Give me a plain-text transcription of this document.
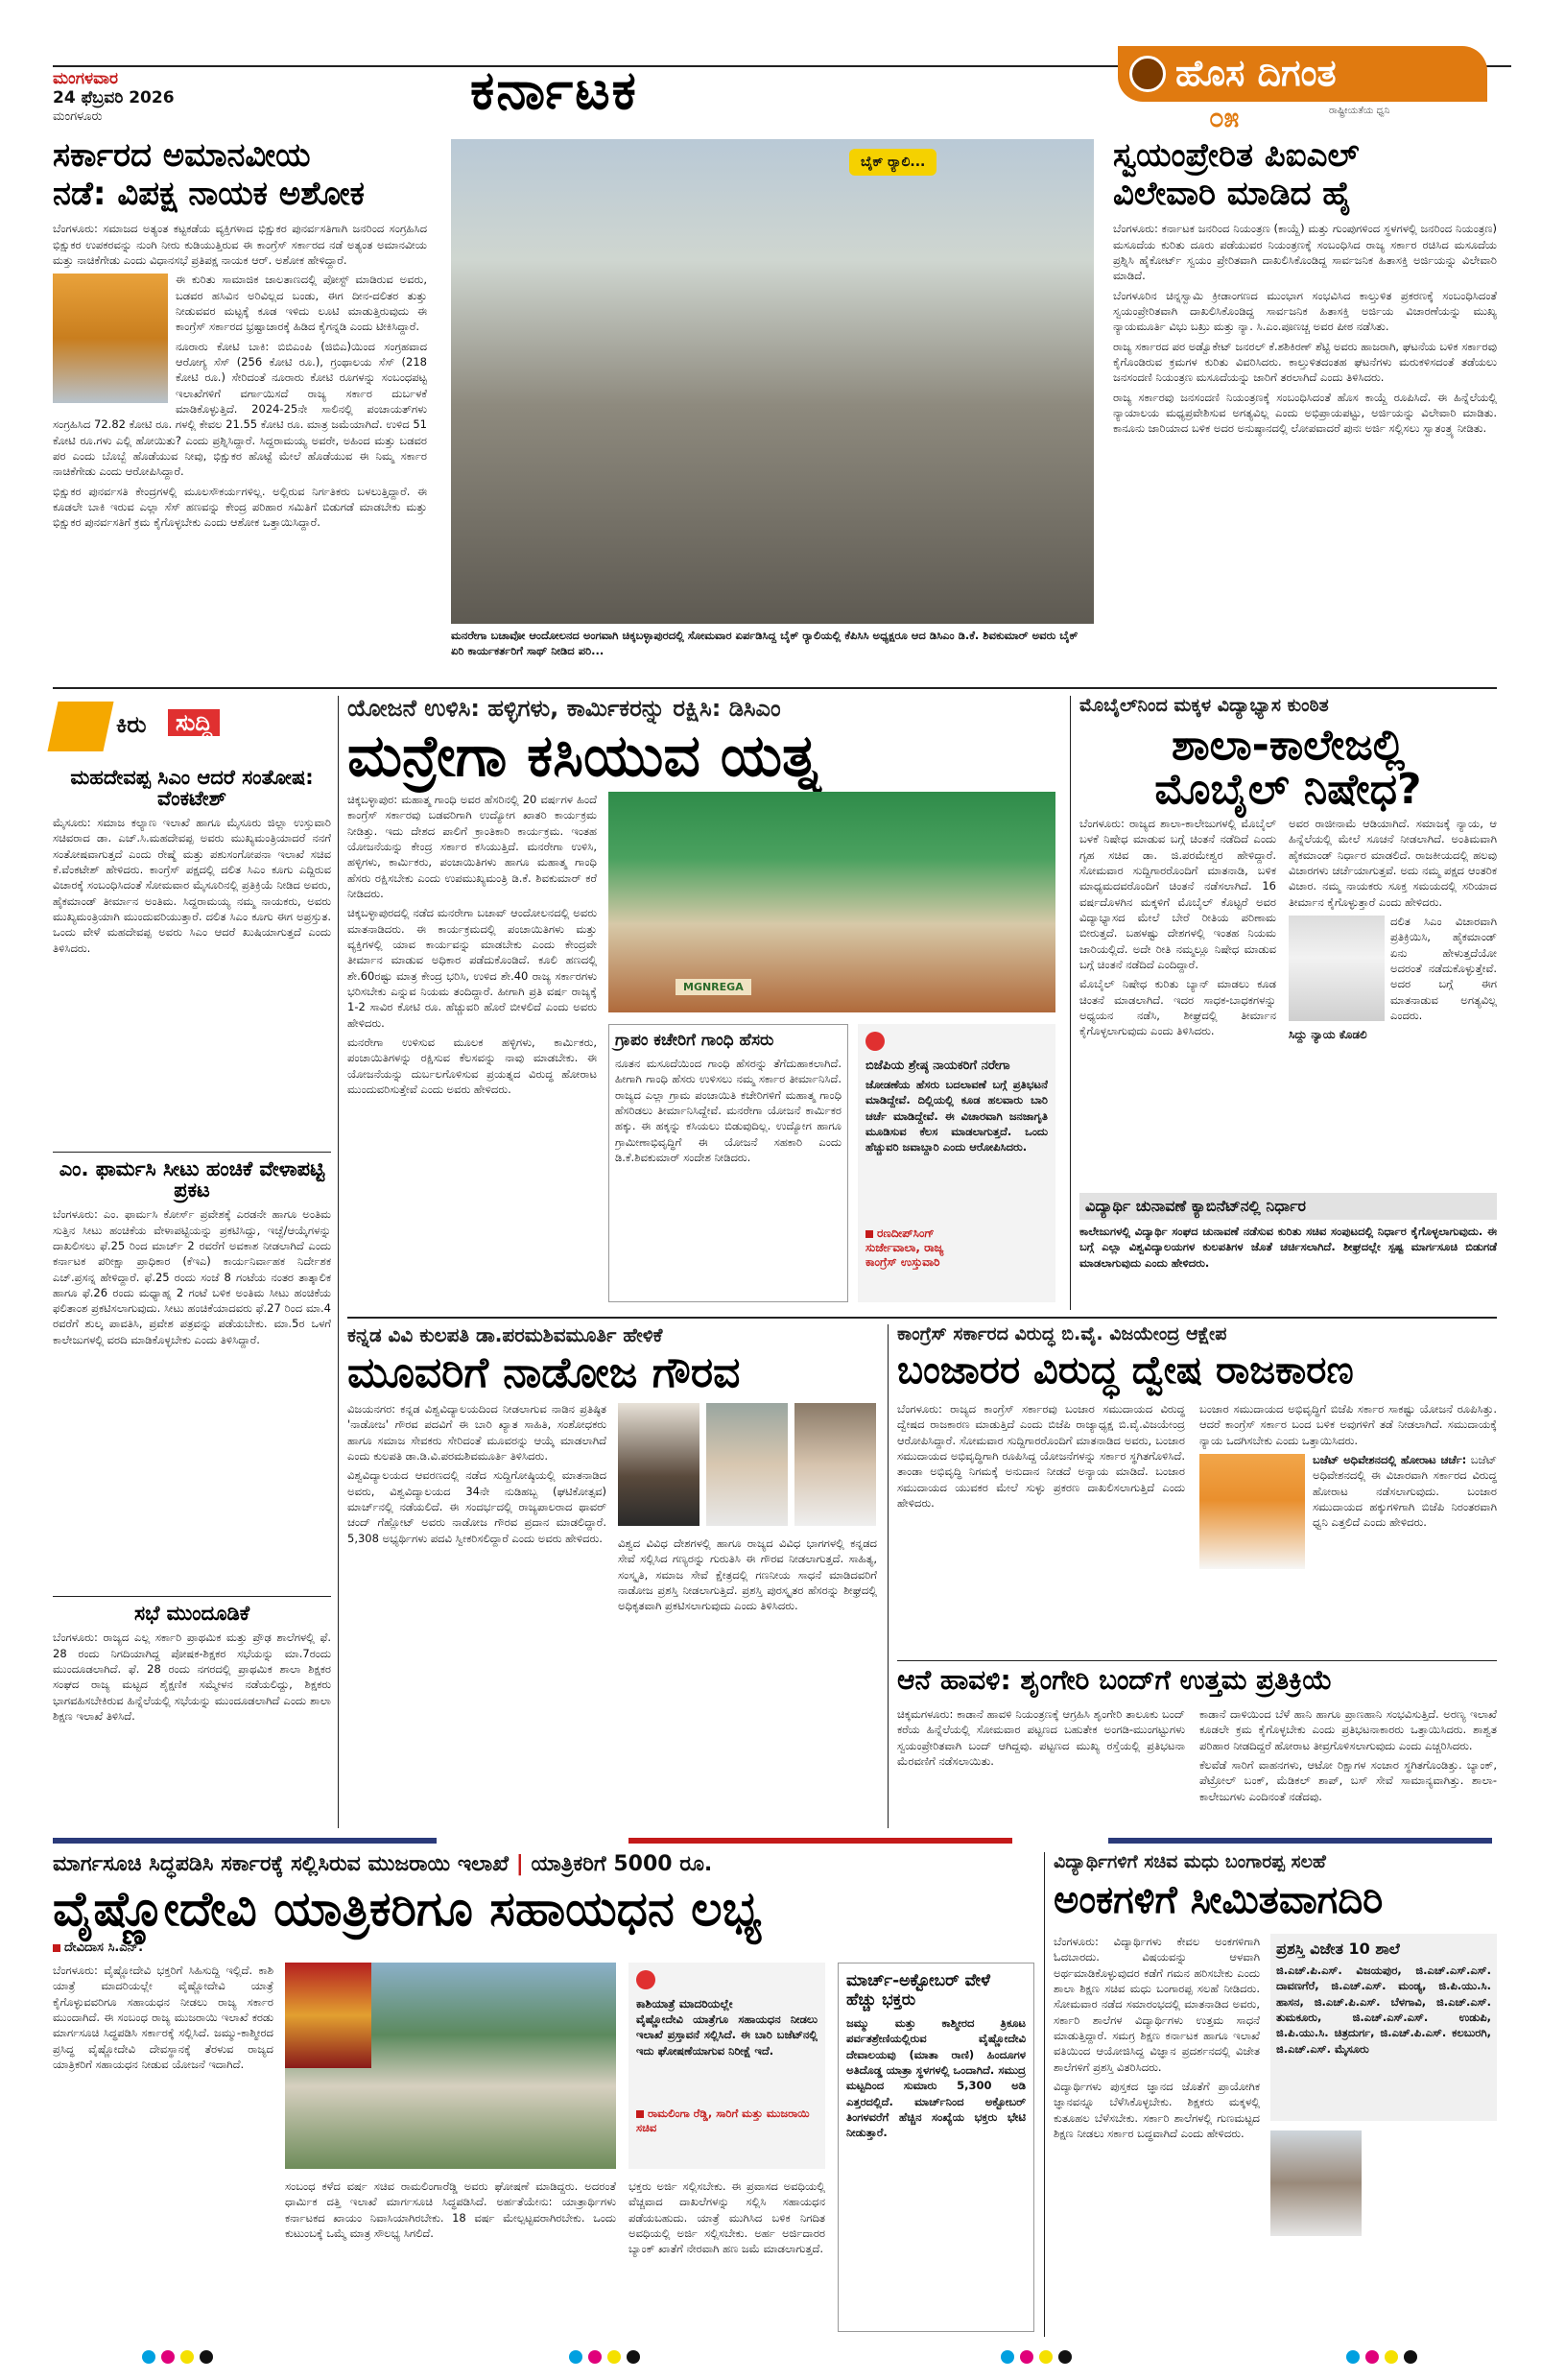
ಮಂಗಳವಾರ
24 ಫೆಬ್ರವರಿ 2026
ಮಂಗಳೂರು	ಕರ್ನಾಟಕ	ಹೊಸ ದಿಗಂತ
೦೫	ರಾಷ್ಟ್ರೀಯತೆಯ ಧ್ವನಿ
ಸರ್ಕಾರದ ಅಮಾನವೀಯ
ನಡೆ: ವಿಪಕ್ಷ ನಾಯಕ ಅಶೋಕ

ಬೆಂಗಳೂರು: ಸಮಾಜದ ಅತ್ಯಂತ ಕಟ್ಟಕಡೆಯ ವ್ಯಕ್ತಿಗಳಾದ ಭಿಕ್ಷುಕರ ಪುನರ್ವಸತಿಗಾಗಿ ಜನರಿಂದ ಸಂಗ್ರಹಿಸಿದ ಭಿಕ್ಷುಕರ ಉಪಕರವನ್ನು ನುಂಗಿ ನೀರು ಕುಡಿಯುತ್ತಿರುವ ಈ ಕಾಂಗ್ರೆಸ್ ಸರ್ಕಾರದ ನಡೆ ಅತ್ಯಂತ ಅಮಾನವೀಯ ಮತ್ತು ನಾಚಿಕೆಗೇಡು ಎಂದು ವಿಧಾನಸಭೆ ಪ್ರತಿಪಕ್ಷ ನಾಯಕ ಆರ್. ಅಶೋಕ ಹೇಳಿದ್ದಾರೆ.

ಈ ಕುರಿತು ಸಾಮಾಜಿಕ ಜಾಲತಾಣದಲ್ಲಿ ಪೋಸ್ಟ್ ಮಾಡಿರುವ ಅವರು, ಬಡವರ ಹಸಿವಿನ ಅರಿವಿಲ್ಲದ ಬಂಡು, ಈಗ ದೀನ-ದಲಿತರ ತುತ್ತು ನೀಡುವವರ ಮಟ್ಟಕ್ಕೆ ಕೂಡ ಇಳಿದು ಲೂಟಿ ಮಾಡುತ್ತಿರುವುದು ಈ ಕಾಂಗ್ರೆಸ್ ಸರ್ಕಾರದ ಭ್ರಷ್ಟಾಚಾರಕ್ಕೆ ಹಿಡಿದ ಕೈಗನ್ನಡಿ ಎಂದು ಟೀಕಿಸಿದ್ದಾರೆ.

ನೂರಾರು ಕೋಟಿ ಬಾಕಿ: ಬಿಬಿಎಂಪಿ (ಜಿಬಿಎ)ಯಿಂದ ಸಂಗ್ರಹವಾದ ಆರೋಗ್ಯ ಸೆಸ್ (256 ಕೋಟಿ ರೂ.), ಗ್ರಂಥಾಲಯ ಸೆಸ್ (218 ಕೋಟಿ ರೂ.) ಸೇರಿದಂತೆ ನೂರಾರು ಕೋಟಿ ರೂಗಳನ್ನು ಸಂಬಂಧಪಟ್ಟ ಇಲಾಖೆಗಳಿಗೆ ವರ್ಗಾಯಿಸದೆ ರಾಜ್ಯ ಸರ್ಕಾರ ದುರ್ಬಳಕೆ ಮಾಡಿಕೊಳ್ಳುತ್ತಿದೆ. 2024-25ನೇ ಸಾಲಿನಲ್ಲಿ ಪಂಚಾಯತ್‌ಗಳು ಸಂಗ್ರಹಿಸಿದ 72.82 ಕೋಟಿ ರೂ. ಗಳಲ್ಲಿ ಕೇವಲ 21.55 ಕೋಟಿ ರೂ. ಮಾತ್ರ ಜಮೆಯಾಗಿದೆ. ಉಳಿದ 51 ಕೋಟಿ ರೂ.ಗಳು ಎಲ್ಲಿ ಹೋಯಿತು? ಎಂದು ಪ್ರಶ್ನಿಸಿದ್ದಾರೆ. ಸಿದ್ದರಾಮಯ್ಯ ಅವರೇ, ಅಹಿಂದ ಮತ್ತು ಬಡವರ ಪರ ಎಂದು ಬೊಬ್ಬೆ ಹೊಡೆಯುವ ನೀವು, ಭಿಕ್ಷುಕರ ಹೊಟ್ಟೆ ಮೇಲೆ ಹೊಡೆಯುವ ಈ ನಿಮ್ಮ ಸರ್ಕಾರ ನಾಚಿಕೆಗೇಡು ಎಂದು ಆರೋಪಿಸಿದ್ದಾರೆ.

ಭಿಕ್ಷುಕರ ಪುನರ್ವಸತಿ ಕೇಂದ್ರಗಳಲ್ಲಿ ಮೂಲಸೌಕರ್ಯಗಳಿಲ್ಲ. ಅಲ್ಲಿರುವ ನಿರ್ಗತಿಕರು ಬಳಲುತ್ತಿದ್ದಾರೆ. ಈ ಕೂಡಲೇ ಬಾಕಿ ಇರುವ ಎಲ್ಲಾ ಸೆಸ್ ಹಣವನ್ನು ಕೇಂದ್ರ ಪರಿಹಾರ ಸಮಿತಿಗೆ ಬಿಡುಗಡೆ ಮಾಡಬೇಕು ಮತ್ತು ಭಿಕ್ಷುಕರ ಪುನರ್ವಸತಿಗೆ ಕ್ರಮ ಕೈಗೊಳ್ಳಬೇಕು ಎಂದು ಆಶೋಕ ಒತ್ತಾಯಿಸಿದ್ದಾರೆ.

ಬೈಕ್ ರ್‍ಯಾಲಿ...
ಮನರೇಗಾ ಬಚಾವೋ ಆಂದೋಲನದ ಅಂಗವಾಗಿ ಚಿಕ್ಕಬಳ್ಳಾಪುರದಲ್ಲಿ ಸೋಮವಾರ ಏರ್ಪಡಿಸಿದ್ದ ಬೈಕ್ ರ್‍ಯಾಲಿಯಲ್ಲಿ ಕೆಪಿಸಿಸಿ ಅಧ್ಯಕ್ಷರೂ ಆದ ಡಿಸಿಎಂ ಡಿ.ಕೆ. ಶಿವಕುಮಾರ್ ಅವರು ಬೈಕ್ ಏರಿ ಕಾರ್ಯಕರ್ತರಿಗೆ ಸಾಥ್ ನೀಡಿದ ಪರಿ...
ಸ್ವಯಂಪ್ರೇರಿತ ಪಿಐಎಲ್
ವಿಲೇವಾರಿ ಮಾಡಿದ ಹೈ

ಬೆಂಗಳೂರು: ಕರ್ನಾಟಕ ಜನರಿಂದ ನಿಯಂತ್ರಣ (ಕಾಯ್ದೆ) ಮತ್ತು ಗುಂಪುಗಳಿಂದ ಸ್ಥಳಗಳಲ್ಲಿ ಜನರಿಂದ ನಿಯಂತ್ರಣ) ಮಸೂದೆಯ ಕುರಿತು ದೂರು ಪಡೆಯುವರ ನಿಯಂತ್ರಣಕ್ಕೆ ಸಂಬಂಧಿಸಿದ ರಾಜ್ಯ ಸರ್ಕಾರ ರಚಿಸಿದ ಮಸೂದೆಯ ಪ್ರಶ್ನಿಸಿ ಹೈಕೋರ್ಟ್ ಸ್ವಯಂ ಪ್ರೇರಿತವಾಗಿ ದಾಖಲಿಸಿಕೊಂಡಿದ್ದ ಸಾರ್ವಜನಿಕ ಹಿತಾಸಕ್ತಿ ಅರ್ಜಿಯನ್ನು ವಿಲೇವಾರಿ ಮಾಡಿದೆ.

ಬೆಂಗಳೂರಿನ ಚಿನ್ನಸ್ವಾಮಿ ಕ್ರೀಡಾಂಗಣದ ಮುಂಭಾಗ ಸಂಭವಿಸಿದ ಕಾಲ್ತುಳಿತ ಪ್ರಕರಣಕ್ಕೆ ಸಂಬಂಧಿಸಿದಂತೆ ಸ್ವಯಂಪ್ರೇರಿತವಾಗಿ ದಾಖಲಿಸಿಕೊಂಡಿದ್ದ ಸಾರ್ವಜನಿಕ ಹಿತಾಸಕ್ತಿ ಅರ್ಜಿಯ ವಿಚಾರಣೆಯನ್ನು ಮುಖ್ಯ ನ್ಯಾಯಮೂರ್ತಿ ವಿಭು ಬಖ್ರು ಮತ್ತು ನ್ಯಾ. ಸಿ.ಎಂ.ಪೂಣಚ್ಚ ಅವರ ಪೀಠ ನಡೆಸಿತು.

ರಾಜ್ಯ ಸರ್ಕಾರದ ಪರ ಅಡ್ವೊಕೇಟ್ ಜನರಲ್ ಕೆ.ಶಶಿಕಿರಣ್ ಶೆಟ್ಟಿ ಅವರು ಹಾಜರಾಗಿ, ಘಟನೆಯ ಬಳಿಕ ಸರ್ಕಾರವು ಕೈಗೊಂಡಿರುವ ಕ್ರಮಗಳ ಕುರಿತು ವಿವರಿಸಿದರು. ಕಾಲ್ತುಳಿತದಂತಹ ಘಟನೆಗಳು ಮರುಕಳಿಸದಂತೆ ತಡೆಯಲು ಜನಸಂದಣಿ ನಿಯಂತ್ರಣ ಮಸೂದೆಯನ್ನು ಜಾರಿಗೆ ತರಲಾಗಿದೆ ಎಂದು ತಿಳಿಸಿದರು.

ರಾಜ್ಯ ಸರ್ಕಾರವು ಜನಸಂದಣಿ ನಿಯಂತ್ರಣಕ್ಕೆ ಸಂಬಂಧಿಸಿದಂತೆ ಹೊಸ ಕಾಯ್ದೆ ರೂಪಿಸಿದೆ. ಈ ಹಿನ್ನೆಲೆಯಲ್ಲಿ ನ್ಯಾಯಾಲಯ ಮಧ್ಯಪ್ರವೇಶಿಸುವ ಅಗತ್ಯವಿಲ್ಲ ಎಂದು ಅಭಿಪ್ರಾಯಪಟ್ಟು, ಅರ್ಜಿಯನ್ನು ವಿಲೇವಾರಿ ಮಾಡಿತು. ಕಾನೂನು ಜಾರಿಯಾದ ಬಳಿಕ ಅದರ ಅನುಷ್ಠಾನದಲ್ಲಿ ಲೋಪವಾದರೆ ಪುನಃ ಅರ್ಜಿ ಸಲ್ಲಿಸಲು ಸ್ವಾತಂತ್ರ್ಯ ನೀಡಿತು.

ಕಿರು	ಸುದ್ದಿ
ಮಹದೇವಪ್ಪ ಸಿಎಂ ಆದರೆ ಸಂತೋಷ: ವೆಂಕಟೇಶ್
ಮೈಸೂರು: ಸಮಾಜ ಕಲ್ಯಾಣ ಇಲಾಖೆ ಹಾಗೂ ಮೈಸೂರು ಜಿಲ್ಲಾ ಉಸ್ತುವಾರಿ ಸಚಿವರಾದ ಡಾ. ಎಚ್.ಸಿ.ಮಹದೇವಪ್ಪ ಅವರು ಮುಖ್ಯಮಂತ್ರಿಯಾದರೆ ನನಗೆ ಸಂತೋಷವಾಗುತ್ತದೆ ಎಂದು ರೇಷ್ಮೆ ಮತ್ತು ಪಶುಸಂಗೋಪನಾ ಇಲಾಖೆ ಸಚಿವ ಕೆ.ವೆಂಕಟೇಶ್ ಹೇಳಿದರು. ಕಾಂಗ್ರೆಸ್ ಪಕ್ಷದಲ್ಲಿ ದಲಿತ ಸಿಎಂ ಕೂಗು ಎದ್ದಿರುವ ವಿಚಾರಕ್ಕೆ ಸಂಬಂಧಿಸಿದಂತೆ ಸೋಮವಾರ ಮೈಸೂರಿನಲ್ಲಿ ಪ್ರತಿಕ್ರಿಯೆ ನೀಡಿದ ಅವರು, ಹೈಕಮಾಂಡ್ ತೀರ್ಮಾನ ಅಂತಿಮ. ಸಿದ್ದರಾಮಯ್ಯ ನಮ್ಮ ನಾಯಕರು, ಅವರು ಮುಖ್ಯಮಂತ್ರಿಯಾಗಿ ಮುಂದುವರಿಯುತ್ತಾರೆ. ದಲಿತ ಸಿಎಂ ಕೂಗು ಈಗ ಅಪ್ರಸ್ತುತ. ಒಂದು ವೇಳೆ ಮಹದೇವಪ್ಪ ಅವರು ಸಿಎಂ ಆದರೆ ಖುಷಿಯಾಗುತ್ತದೆ ಎಂದು ತಿಳಿಸಿದರು.
ಎಂ. ಫಾರ್ಮಸಿ ಸೀಟು ಹಂಚಿಕೆ ವೇಳಾಪಟ್ಟಿ ಪ್ರಕಟ
ಬೆಂಗಳೂರು: ಎಂ. ಫಾರ್ಮಸಿ ಕೋರ್ಸ್ ಪ್ರವೇಶಕ್ಕೆ ಎರಡನೇ ಹಾಗೂ ಅಂತಿಮ ಸುತ್ತಿನ ಸೀಟು ಹಂಚಿಕೆಯ ವೇಳಾಪಟ್ಟಿಯನ್ನು ಪ್ರಕಟಿಸಿದ್ದು, ಇಚ್ಛೆ/ಆಯ್ಕೆಗಳನ್ನು ದಾಖಲಿಸಲು ಫೆ.25 ರಿಂದ ಮಾರ್ಚ್ 2 ರವರೆಗೆ ಅವಕಾಶ ನೀಡಲಾಗಿದೆ ಎಂದು ಕರ್ನಾಟಕ ಪರೀಕ್ಷಾ ಪ್ರಾಧಿಕಾರ (ಕೆಇಎ) ಕಾರ್ಯನಿರ್ವಾಹಕ ನಿರ್ದೇಶಕ ಎಚ್.ಪ್ರಸನ್ನ ಹೇಳಿದ್ದಾರೆ. ಫೆ.25 ರಂದು ಸಂಜೆ 8 ಗಂಟೆಯ ನಂತರ ತಾತ್ಕಾಲಿಕ ಹಾಗೂ ಫೆ.26 ರಂದು ಮಧ್ಯಾಹ್ನ 2 ಗಂಟೆ ಬಳಿಕ ಅಂತಿಮ ಸೀಟು ಹಂಚಿಕೆಯ ಫಲಿತಾಂಶ ಪ್ರಕಟಿಸಲಾಗುವುದು. ಸೀಟು ಹಂಚಿಕೆಯಾದವರು ಫೆ.27 ರಿಂದ ಮಾ.4 ರವರೆಗೆ ಶುಲ್ಕ ಪಾವತಿಸಿ, ಪ್ರವೇಶ ಪತ್ರವನ್ನು ಪಡೆಯಬೇಕು. ಮಾ.5ರ ಒಳಗೆ ಕಾಲೇಜುಗಳಲ್ಲಿ ವರದಿ ಮಾಡಿಕೊಳ್ಳಬೇಕು ಎಂದು ತಿಳಿಸಿದ್ದಾರೆ.
ಸಭೆ ಮುಂದೂಡಿಕೆ
ಬೆಂಗಳೂರು: ರಾಜ್ಯದ ಎಲ್ಲ ಸರ್ಕಾರಿ ಪ್ರಾಥಮಿಕ ಮತ್ತು ಪ್ರೌಢ ಶಾಲೆಗಳಲ್ಲಿ ಫೆ. 28 ರಂದು ನಿಗದಿಯಾಗಿದ್ದ ಪೋಷಕ-ಶಿಕ್ಷಕರ ಸಭೆಯನ್ನು ಮಾ.7ರಂದು ಮುಂದೂಡಲಾಗಿದೆ. ಫೆ. 28 ರಂದು ನಗರದಲ್ಲಿ ಪ್ರಾಥಮಿಕ ಶಾಲಾ ಶಿಕ್ಷಕರ ಸಂಘದ ರಾಜ್ಯ ಮಟ್ಟದ ಶೈಕ್ಷಣಿಕ ಸಮ್ಮೇಳನ ನಡೆಯಲಿದ್ದು, ಶಿಕ್ಷಕರು ಭಾಗವಹಿಸಬೇಕಿರುವ ಹಿನ್ನೆಲೆಯಲ್ಲಿ ಸಭೆಯನ್ನು ಮುಂದೂಡಲಾಗಿದೆ ಎಂದು ಶಾಲಾ ಶಿಕ್ಷಣ ಇಲಾಖೆ ತಿಳಿಸಿದೆ.
ಯೋಜನೆ ಉಳಿಸಿ: ಹಳ್ಳಿಗಳು, ಕಾರ್ಮಿಕರನ್ನು ರಕ್ಷಿಸಿ: ಡಿಸಿಎಂ
ಮನ್ರೇಗಾ ಕಸಿಯುವ ಯತ್ನ

ಚಿಕ್ಕಬಳ್ಳಾಪುರ: ಮಹಾತ್ಮ ಗಾಂಧಿ ಅವರ ಹೆಸರಿನಲ್ಲಿ 20 ವರ್ಷಗಳ ಹಿಂದೆ ಕಾಂಗ್ರೆಸ್ ಸರ್ಕಾರವು ಬಡವರಿಗಾಗಿ ಉದ್ಯೋಗ ಖಾತರಿ ಕಾರ್ಯಕ್ರಮ ನೀಡಿತ್ತು. ಇದು ದೇಶದ ಪಾಲಿಗೆ ಕ್ರಾಂತಿಕಾರಿ ಕಾರ್ಯಕ್ರಮ. ಇಂತಹ ಯೋಜನೆಯನ್ನು ಕೇಂದ್ರ ಸರ್ಕಾರ ಕಸಿಯುತ್ತಿದೆ. ಮನರೇಗಾ ಉಳಿಸಿ, ಹಳ್ಳಿಗಳು, ಕಾರ್ಮಿಕರು, ಪಂಚಾಯಿತಿಗಳು ಹಾಗೂ ಮಹಾತ್ಮ ಗಾಂಧಿ ಹೆಸರು ರಕ್ಷಿಸಬೇಕು ಎಂದು ಉಪಮುಖ್ಯಮಂತ್ರಿ ಡಿ.ಕೆ. ಶಿವಕುಮಾರ್ ಕರೆ ನೀಡಿದರು.

ಚಿಕ್ಕಬಳ್ಳಾಪುರದಲ್ಲಿ ನಡೆದ ಮನರೇಗಾ ಬಚಾವ್ ಆಂದೋಲನದಲ್ಲಿ ಅವರು ಮಾತನಾಡಿದರು. ಈ ಕಾರ್ಯಕ್ರಮದಲ್ಲಿ ಪಂಚಾಯಿತಿಗಳು ಮತ್ತು ವ್ಯಕ್ತಿಗಳಲ್ಲಿ ಯಾವ ಕಾರ್ಯವನ್ನು ಮಾಡಬೇಕು ಎಂದು ಕೇಂದ್ರವೇ ತೀರ್ಮಾನ ಮಾಡುವ ಅಧಿಕಾರ ಪಡೆದುಕೊಂಡಿದೆ. ಕೂಲಿ ಹಣದಲ್ಲಿ ಶೇ.60ರಷ್ಟು ಮಾತ್ರ ಕೇಂದ್ರ ಭರಿಸಿ, ಉಳಿದ ಶೇ.40 ರಾಜ್ಯ ಸರ್ಕಾರಗಳು ಭರಿಸಬೇಕು ಎನ್ನುವ ನಿಯಮ ತಂದಿದ್ದಾರೆ. ಹೀಗಾಗಿ ಪ್ರತಿ ವರ್ಷ ರಾಜ್ಯಕ್ಕೆ 1-2 ಸಾವಿರ ಕೋಟಿ ರೂ. ಹೆಚ್ಚುವರಿ ಹೊರೆ ಬೀಳಲಿದೆ ಎಂದು ಅವರು ಹೇಳಿದರು.

ಮನರೇಗಾ ಉಳಿಸುವ ಮೂಲಕ ಹಳ್ಳಿಗಳು, ಕಾರ್ಮಿಕರು, ಪಂಚಾಯಿತಿಗಳನ್ನು ರಕ್ಷಿಸುವ ಕೆಲಸವನ್ನು ನಾವು ಮಾಡಬೇಕು. ಈ ಯೋಜನೆಯನ್ನು ದುರ್ಬಲಗೊಳಿಸುವ ಪ್ರಯತ್ನದ ವಿರುದ್ಧ ಹೋರಾಟ ಮುಂದುವರಿಸುತ್ತೇವೆ ಎಂದು ಅವರು ಹೇಳಿದರು.

MGNREGA
ಗ್ರಾಪಂ ಕಚೇರಿಗೆ ಗಾಂಧಿ ಹೆಸರು
ನೂತನ ಮಸೂದೆಯಿಂದ ಗಾಂಧಿ ಹೆಸರನ್ನು ತೆಗೆದುಹಾಕಲಾಗಿದೆ. ಹೀಗಾಗಿ ಗಾಂಧಿ ಹೆಸರು ಉಳಿಸಲು ನಮ್ಮ ಸರ್ಕಾರ ತೀರ್ಮಾನಿಸಿದೆ. ರಾಜ್ಯದ ಎಲ್ಲಾ ಗ್ರಾಮ ಪಂಚಾಯಿತಿ ಕಚೇರಿಗಳಿಗೆ ಮಹಾತ್ಮ ಗಾಂಧಿ ಹೆಸರಿಡಲು ತೀರ್ಮಾನಿಸಿದ್ದೇವೆ. ಮನರೇಗಾ ಯೋಜನೆ ಕಾರ್ಮಿಕರ ಹಕ್ಕು. ಈ ಹಕ್ಕನ್ನು ಕಸಿಯಲು ಬಿಡುವುದಿಲ್ಲ. ಉದ್ಯೋಗ ಹಾಗೂ ಗ್ರಾಮೀಣಾಭಿವೃದ್ಧಿಗೆ ಈ ಯೋಜನೆ ಸಹಕಾರಿ ಎಂದು ಡಿ.ಕೆ.ಶಿವಕುಮಾರ್ ಸಂದೇಶ ನೀಡಿದರು.
ಬಿಜೆಪಿಯ ಶ್ರೇಷ್ಠ ನಾಯಕರಿಗೆ ನರೇಗಾ
ಜೋಡಣೆಯ ಹೆಸರು ಬದಲಾವಣೆ ಬಗ್ಗೆ ಪ್ರತಿಭಟನೆ ಮಾಡಿದ್ದೇವೆ. ದಿಲ್ಲಿಯಲ್ಲಿ ಕೂಡ ಹಲವಾರು ಬಾರಿ ಚರ್ಚೆ ಮಾಡಿದ್ದೇವೆ. ಈ ವಿಚಾರವಾಗಿ ಜನಜಾಗೃತಿ ಮೂಡಿಸುವ ಕೆಲಸ ಮಾಡಲಾಗುತ್ತದೆ. ಒಂದು ಹೆಚ್ಚುವರಿ ಜವಾಬ್ದಾರಿ ಎಂದು ಆರೋಪಿಸಿದರು.
ರಣದೀಪ್‌ಸಿಂಗ್
ಸುರ್ಜೇವಾಲಾ, ರಾಜ್ಯ
ಕಾಂಗ್ರೆಸ್ ಉಸ್ತುವಾರಿ
ಮೊಬೈಲ್‌ನಿಂದ ಮಕ್ಕಳ ವಿದ್ಯಾಭ್ಯಾಸ ಕುಂಠಿತ
ಶಾಲಾ-ಕಾಲೇಜಲ್ಲಿ
ಮೊಬೈಲ್ ನಿಷೇಧ?

ಬೆಂಗಳೂರು: ರಾಜ್ಯದ ಶಾಲಾ-ಕಾಲೇಜುಗಳಲ್ಲಿ ಮೊಬೈಲ್ ಬಳಕೆ ನಿಷೇಧ ಮಾಡುವ ಬಗ್ಗೆ ಚಿಂತನೆ ನಡೆದಿದೆ ಎಂದು ಗೃಹ ಸಚಿವ ಡಾ. ಜಿ.ಪರಮೇಶ್ವರ ಹೇಳಿದ್ದಾರೆ. ಸೋಮವಾರ ಸುದ್ದಿಗಾರರೊಂದಿಗೆ ಮಾತನಾಡಿ, ಬಳಿಕ ಮಾಧ್ಯಮದವರೊಂದಿಗೆ ಚಿಂತನೆ ನಡೆಸಲಾಗಿದೆ. 16 ವರ್ಷದೊಳಗಿನ ಮಕ್ಕಳಿಗೆ ಮೊಬೈಲ್ ಕೊಟ್ಟರೆ ಅವರ ವಿದ್ಯಾಭ್ಯಾಸದ ಮೇಲೆ ಬೇರೆ ರೀತಿಯ ಪರಿಣಾಮ ಬೀರುತ್ತದೆ. ಬಹಳಷ್ಟು ದೇಶಗಳಲ್ಲಿ ಇಂತಹ ನಿಯಮ ಜಾರಿಯಲ್ಲಿದೆ. ಅದೇ ರೀತಿ ನಮ್ಮಲ್ಲೂ ನಿಷೇಧ ಮಾಡುವ ಬಗ್ಗೆ ಚಿಂತನೆ ನಡೆದಿದೆ ಎಂದಿದ್ದಾರೆ.

ಮೊಬೈಲ್ ನಿಷೇಧ ಕುರಿತು ಬ್ಯಾನ್ ಮಾಡಲು ಕೂಡ ಚಿಂತನೆ ಮಾಡಲಾಗಿದೆ. ಇದರ ಸಾಧಕ-ಬಾಧಕಗಳನ್ನು ಅಧ್ಯಯನ ನಡೆಸಿ, ಶೀಘ್ರದಲ್ಲಿ ತೀರ್ಮಾನ ಕೈಗೊಳ್ಳಲಾಗುವುದು ಎಂದು ತಿಳಿಸಿದರು.

ಅವರ ರಾಜೀನಾಮೆ ಆಡಿಯಾಗಿದೆ. ಸಮಾಜಕ್ಕೆ ನ್ಯಾಯ, ಆ ಹಿನ್ನೆಲೆಯಲ್ಲಿ ಮೇಲೆ ಸೂಚನೆ ನೀಡಲಾಗಿದೆ. ಅಂತಿಮವಾಗಿ ಹೈಕಮಾಂಡ್ ನಿರ್ಧಾರ ಮಾಡಲಿದೆ. ರಾಜಕೀಯದಲ್ಲಿ ಹಲವು ವಿಚಾರಗಳು ಚರ್ಚೆಯಾಗುತ್ತವೆ. ಅದು ನಮ್ಮ ಪಕ್ಷದ ಆಂತರಿಕ ವಿಚಾರ. ನಮ್ಮ ನಾಯಕರು ಸೂಕ್ತ ಸಮಯದಲ್ಲಿ ಸರಿಯಾದ ತೀರ್ಮಾನ ಕೈಗೊಳ್ಳುತ್ತಾರೆ ಎಂದು ಹೇಳಿದರು.

ದಲಿತ ಸಿಎಂ ವಿಚಾರವಾಗಿ ಪ್ರತಿಕ್ರಿಯಿಸಿ, ಹೈಕಮಾಂಡ್ ಏನು ಹೇಳುತ್ತದೆಯೋ ಅದರಂತೆ ನಡೆದುಕೊಳ್ಳುತ್ತೇವೆ. ಅದರ ಬಗ್ಗೆ ಈಗ ಮಾತನಾಡುವ ಅಗತ್ಯವಿಲ್ಲ ಎಂದರು.

ಸಿದ್ದು ನ್ಯಾಯ ಕೊಡಲಿ
ವಿದ್ಯಾರ್ಥಿ ಚುನಾವಣೆ ಕ್ಯಾಬಿನೆಟ್‌ನಲ್ಲಿ ನಿರ್ಧಾರ
ಕಾಲೇಜುಗಳಲ್ಲಿ ವಿದ್ಯಾರ್ಥಿ ಸಂಘದ ಚುನಾವಣೆ ನಡೆಸುವ ಕುರಿತು ಸಚಿವ ಸಂಪುಟದಲ್ಲಿ ನಿರ್ಧಾರ ಕೈಗೊಳ್ಳಲಾಗುವುದು. ಈ ಬಗ್ಗೆ ಎಲ್ಲಾ ವಿಶ್ವವಿದ್ಯಾಲಯಗಳ ಕುಲಪತಿಗಳ ಜೊತೆ ಚರ್ಚಿಸಲಾಗಿದೆ. ಶೀಘ್ರದಲ್ಲೇ ಸ್ಪಷ್ಟ ಮಾರ್ಗಸೂಚಿ ಬಿಡುಗಡೆ ಮಾಡಲಾಗುವುದು ಎಂದು ಹೇಳಿದರು.
ಕನ್ನಡ ವಿವಿ ಕುಲಪತಿ ಡಾ.ಪರಮಶಿವಮೂರ್ತಿ ಹೇಳಿಕೆ
ಮೂವರಿಗೆ ನಾಡೋಜ ಗೌರವ

ವಿಜಯನಗರ: ಕನ್ನಡ ವಿಶ್ವವಿದ್ಯಾಲಯದಿಂದ ನೀಡಲಾಗುವ ನಾಡಿನ ಪ್ರತಿಷ್ಠಿತ 'ನಾಡೋಜ' ಗೌರವ ಪದವಿಗೆ ಈ ಬಾರಿ ಖ್ಯಾತ ಸಾಹಿತಿ, ಸಂಶೋಧಕರು ಹಾಗೂ ಸಮಾಜ ಸೇವಕರು ಸೇರಿದಂತೆ ಮೂವರನ್ನು ಆಯ್ಕೆ ಮಾಡಲಾಗಿದೆ ಎಂದು ಕುಲಪತಿ ಡಾ.ಡಿ.ವಿ.ಪರಮಶಿವಮೂರ್ತಿ ತಿಳಿಸಿದರು.

ವಿಶ್ವವಿದ್ಯಾಲಯದ ಆವರಣದಲ್ಲಿ ನಡೆದ ಸುದ್ದಿಗೋಷ್ಠಿಯಲ್ಲಿ ಮಾತನಾಡಿದ ಅವರು, ವಿಶ್ವವಿದ್ಯಾಲಯದ 34ನೇ ನುಡಿಹಬ್ಬ (ಘಟಿಕೋತ್ಸವ) ಮಾರ್ಚ್‌ನಲ್ಲಿ ನಡೆಯಲಿದೆ. ಈ ಸಂದರ್ಭದಲ್ಲಿ ರಾಜ್ಯಪಾಲರಾದ ಥಾವರ್ ಚಂದ್ ಗೆಹ್ಲೋಟ್ ಅವರು ನಾಡೋಜ ಗೌರವ ಪ್ರದಾನ ಮಾಡಲಿದ್ದಾರೆ. 5,308 ಅಭ್ಯರ್ಥಿಗಳು ಪದವಿ ಸ್ವೀಕರಿಸಲಿದ್ದಾರೆ ಎಂದು ಅವರು ಹೇಳಿದರು.	ವಿಶ್ವದ ವಿವಿಧ ದೇಶಗಳಲ್ಲಿ ಹಾಗೂ ರಾಜ್ಯದ ವಿವಿಧ ಭಾಗಗಳಲ್ಲಿ ಕನ್ನಡದ ಸೇವೆ ಸಲ್ಲಿಸಿದ ಗಣ್ಯರನ್ನು ಗುರುತಿಸಿ ಈ ಗೌರವ ನೀಡಲಾಗುತ್ತದೆ. ಸಾಹಿತ್ಯ, ಸಂಸ್ಕೃತಿ, ಸಮಾಜ ಸೇವೆ ಕ್ಷೇತ್ರದಲ್ಲಿ ಗಣನೀಯ ಸಾಧನೆ ಮಾಡಿದವರಿಗೆ ನಾಡೋಜ ಪ್ರಶಸ್ತಿ ನೀಡಲಾಗುತ್ತಿದೆ. ಪ್ರಶಸ್ತಿ ಪುರಸ್ಕೃತರ ಹೆಸರನ್ನು ಶೀಘ್ರದಲ್ಲಿ ಅಧಿಕೃತವಾಗಿ ಪ್ರಕಟಿಸಲಾಗುವುದು ಎಂದು ತಿಳಿಸಿದರು.
ಕಾಂಗ್ರೆಸ್ ಸರ್ಕಾರದ ವಿರುದ್ಧ ಬಿ.ವೈ. ವಿಜಯೇಂದ್ರ ಆಕ್ಷೇಪ
ಬಂಜಾರರ ವಿರುದ್ಧ ದ್ವೇಷ ರಾಜಕಾರಣ
ಬೆಂಗಳೂರು: ರಾಜ್ಯದ ಕಾಂಗ್ರೆಸ್ ಸರ್ಕಾರವು ಬಂಜಾರ ಸಮುದಾಯದ ವಿರುದ್ಧ ದ್ವೇಷದ ರಾಜಕಾರಣ ಮಾಡುತ್ತಿದೆ ಎಂದು ಬಿಜೆಪಿ ರಾಜ್ಯಾಧ್ಯಕ್ಷ ಬಿ.ವೈ.ವಿಜಯೇಂದ್ರ ಆರೋಪಿಸಿದ್ದಾರೆ. ಸೋಮವಾರ ಸುದ್ದಿಗಾರರೊಂದಿಗೆ ಮಾತನಾಡಿದ ಅವರು, ಬಂಜಾರ ಸಮುದಾಯದ ಅಭಿವೃದ್ಧಿಗಾಗಿ ರೂಪಿಸಿದ್ದ ಯೋಜನೆಗಳನ್ನು ಸರ್ಕಾರ ಸ್ಥಗಿತಗೊಳಿಸಿದೆ. ತಾಂಡಾ ಅಭಿವೃದ್ಧಿ ನಿಗಮಕ್ಕೆ ಅನುದಾನ ನೀಡದೆ ಅನ್ಯಾಯ ಮಾಡಿದೆ. ಬಂಜಾರ ಸಮುದಾಯದ ಯುವಕರ ಮೇಲೆ ಸುಳ್ಳು ಪ್ರಕರಣ ದಾಖಲಿಸಲಾಗುತ್ತಿದೆ ಎಂದು ಹೇಳಿದರು.

ಬಂಜಾರ ಸಮುದಾಯದ ಅಭಿವೃದ್ಧಿಗೆ ಬಿಜೆಪಿ ಸರ್ಕಾರ ಸಾಕಷ್ಟು ಯೋಜನೆ ರೂಪಿಸಿತ್ತು. ಆದರೆ ಕಾಂಗ್ರೆಸ್ ಸರ್ಕಾರ ಬಂದ ಬಳಿಕ ಅವುಗಳಿಗೆ ತಡೆ ನೀಡಲಾಗಿದೆ. ಸಮುದಾಯಕ್ಕೆ ನ್ಯಾಯ ಒದಗಿಸಬೇಕು ಎಂದು ಒತ್ತಾಯಿಸಿದರು.

ಬಜೆಟ್ ಅಧಿವೇಶನದಲ್ಲಿ ಹೋರಾಟ ಚರ್ಚೆ: ಬಜೆಟ್ ಅಧಿವೇಶನದಲ್ಲಿ ಈ ವಿಚಾರವಾಗಿ ಸರ್ಕಾರದ ವಿರುದ್ಧ ಹೋರಾಟ ನಡೆಸಲಾಗುವುದು. ಬಂಜಾರ ಸಮುದಾಯದ ಹಕ್ಕುಗಳಿಗಾಗಿ ಬಿಜೆಪಿ ನಿರಂತರವಾಗಿ ಧ್ವನಿ ಎತ್ತಲಿದೆ ಎಂದು ಹೇಳಿದರು.

ಆನೆ ಹಾವಳಿ: ಶೃಂಗೇರಿ ಬಂದ್‌ಗೆ ಉತ್ತಮ ಪ್ರತಿಕ್ರಿಯೆ
ಚಿಕ್ಕಮಗಳೂರು: ಕಾಡಾನೆ ಹಾವಳಿ ನಿಯಂತ್ರಣಕ್ಕೆ ಆಗ್ರಹಿಸಿ ಶೃಂಗೇರಿ ತಾಲೂಕು ಬಂದ್ ಕರೆಯ ಹಿನ್ನೆಲೆಯಲ್ಲಿ ಸೋಮವಾರ ಪಟ್ಟಣದ ಬಹುತೇಕ ಅಂಗಡಿ-ಮುಂಗಟ್ಟುಗಳು ಸ್ವಯಂಪ್ರೇರಿತವಾಗಿ ಬಂದ್ ಆಗಿದ್ದವು. ಪಟ್ಟಣದ ಮುಖ್ಯ ರಸ್ತೆಯಲ್ಲಿ ಪ್ರತಿಭಟನಾ ಮೆರವಣಿಗೆ ನಡೆಸಲಾಯಿತು.

ಕಾಡಾನೆ ದಾಳಿಯಿಂದ ಬೆಳೆ ಹಾನಿ ಹಾಗೂ ಪ್ರಾಣಹಾನಿ ಸಂಭವಿಸುತ್ತಿದೆ. ಅರಣ್ಯ ಇಲಾಖೆ ಕೂಡಲೇ ಕ್ರಮ ಕೈಗೊಳ್ಳಬೇಕು ಎಂದು ಪ್ರತಿಭಟನಾಕಾರರು ಒತ್ತಾಯಿಸಿದರು. ಶಾಶ್ವತ ಪರಿಹಾರ ನೀಡದಿದ್ದರೆ ಹೋರಾಟ ತೀವ್ರಗೊಳಿಸಲಾಗುವುದು ಎಂದು ಎಚ್ಚರಿಸಿದರು.

ಕೆಲವೆಡೆ ಸಾರಿಗೆ ವಾಹನಗಳು, ಆಟೋ ರಿಕ್ಷಾಗಳ ಸಂಚಾರ ಸ್ಥಗಿತಗೊಂಡಿತ್ತು. ಬ್ಯಾಂಕ್, ಪೆಟ್ರೋಲ್ ಬಂಕ್, ಮೆಡಿಕಲ್ ಶಾಪ್, ಬಸ್ ಸೇವೆ ಸಾಮಾನ್ಯವಾಗಿತ್ತು. ಶಾಲಾ-ಕಾಲೇಜುಗಳು ಎಂದಿನಂತೆ ನಡೆದವು.

ಮಾರ್ಗಸೂಚಿ ಸಿದ್ಧಪಡಿಸಿ ಸರ್ಕಾರಕ್ಕೆ ಸಲ್ಲಿಸಿರುವ ಮುಜರಾಯಿ ಇಲಾಖೆ | ಯಾತ್ರಿಕರಿಗೆ 5000 ರೂ.
ವೈಷ್ಣೋದೇವಿ ಯಾತ್ರಿಕರಿಗೂ ಸಹಾಯಧನ ಲಭ್ಯ
ದೇವಿದಾಸ ಸಿ.ಎನ್.
ಬೆಂಗಳೂರು: ವೈಷ್ಣೋದೇವಿ ಭಕ್ತರಿಗೆ ಸಿಹಿಸುದ್ದಿ ಇಲ್ಲಿದೆ. ಕಾಶಿ ಯಾತ್ರೆ ಮಾದರಿಯಲ್ಲೇ ವೈಷ್ಣೋದೇವಿ ಯಾತ್ರೆ ಕೈಗೊಳ್ಳುವವರಿಗೂ ಸಹಾಯಧನ ನೀಡಲು ರಾಜ್ಯ ಸರ್ಕಾರ ಮುಂದಾಗಿದೆ. ಈ ಸಂಬಂಧ ರಾಜ್ಯ ಮುಜರಾಯಿ ಇಲಾಖೆ ಕರಡು ಮಾರ್ಗಸೂಚಿ ಸಿದ್ಧಪಡಿಸಿ ಸರ್ಕಾರಕ್ಕೆ ಸಲ್ಲಿಸಿದೆ. ಜಮ್ಮು-ಕಾಶ್ಮೀರದ ಪ್ರಸಿದ್ಧ ವೈಷ್ಣೋದೇವಿ ದೇವಸ್ಥಾನಕ್ಕೆ ತೆರಳುವ ರಾಜ್ಯದ ಯಾತ್ರಿಕರಿಗೆ ಸಹಾಯಧನ ನೀಡುವ ಯೋಜನೆ ಇದಾಗಿದೆ.
ಸಂಬಂಧ ಕಳೆದ ವರ್ಷ ಸಚಿವ ರಾಮಲಿಂಗಾರೆಡ್ಡಿ ಅವರು ಘೋಷಣೆ ಮಾಡಿದ್ದರು. ಅದರಂತೆ ಧಾರ್ಮಿಕ ದತ್ತಿ ಇಲಾಖೆ ಮಾರ್ಗಸೂಚಿ ಸಿದ್ಧಪಡಿಸಿದೆ. ಅರ್ಹತೆಯೇನು: ಯಾತ್ರಾರ್ಥಿಗಳು ಕರ್ನಾಟಕದ ಖಾಯಂ ನಿವಾಸಿಯಾಗಿರಬೇಕು. 18 ವರ್ಷ ಮೇಲ್ಪಟ್ಟವರಾಗಿರಬೇಕು. ಒಂದು ಕುಟುಂಬಕ್ಕೆ ಒಮ್ಮೆ ಮಾತ್ರ ಸೌಲಭ್ಯ ಸಿಗಲಿದೆ.
ಕಾಶಿಯಾತ್ರೆ ಮಾದರಿಯಲ್ಲೇ
ವೈಷ್ಣೋದೇವಿ ಯಾತ್ರೆಗೂ ಸಹಾಯಧನ ನೀಡಲು ಇಲಾಖೆ ಪ್ರಸ್ತಾವನೆ ಸಲ್ಲಿಸಿದೆ. ಈ ಬಾರಿ ಬಜೆಟ್‌ನಲ್ಲಿ ಇದು ಘೋಷಣೆಯಾಗುವ ನಿರೀಕ್ಷೆ ಇದೆ.
ರಾಮಲಿಂಗಾ ರೆಡ್ಡಿ, ಸಾರಿಗೆ ಮತ್ತು ಮುಜರಾಯಿ ಸಚಿವ
ಭಕ್ತರು ಅರ್ಜಿ ಸಲ್ಲಿಸಬೇಕು. ಈ ಪ್ರವಾಸದ ಅವಧಿಯಲ್ಲಿ ವೆಚ್ಚವಾದ ದಾಖಲೆಗಳನ್ನು ಸಲ್ಲಿಸಿ ಸಹಾಯಧನ ಪಡೆಯಬಹುದು. ಯಾತ್ರೆ ಮುಗಿಸಿದ ಬಳಿಕ ನಿಗದಿತ ಅವಧಿಯಲ್ಲಿ ಅರ್ಜಿ ಸಲ್ಲಿಸಬೇಕು. ಅರ್ಹ ಅರ್ಜಿದಾರರ ಬ್ಯಾಂಕ್ ಖಾತೆಗೆ ನೇರವಾಗಿ ಹಣ ಜಮೆ ಮಾಡಲಾಗುತ್ತದೆ.
ಮಾರ್ಚ್-ಅಕ್ಟೋಬರ್ ವೇಳೆ ಹೆಚ್ಚು ಭಕ್ತರು
ಜಮ್ಮು ಮತ್ತು ಕಾಶ್ಮೀರದ ತ್ರಿಕೂಟ ಪರ್ವತಶ್ರೇಣಿಯಲ್ಲಿರುವ ವೈಷ್ಣೋದೇವಿ ದೇವಾಲಯವು (ಮಾತಾ ರಾಣಿ) ಹಿಂದೂಗಳ ಅತಿದೊಡ್ಡ ಯಾತ್ರಾ ಸ್ಥಳಗಳಲ್ಲಿ ಒಂದಾಗಿದೆ. ಸಮುದ್ರ ಮಟ್ಟದಿಂದ ಸುಮಾರು 5,300 ಅಡಿ ಎತ್ತರದಲ್ಲಿದೆ. ಮಾರ್ಚ್‌ನಿಂದ ಅಕ್ಟೋಬರ್ ತಿಂಗಳವರೆಗೆ ಹೆಚ್ಚಿನ ಸಂಖ್ಯೆಯ ಭಕ್ತರು ಭೇಟಿ ನೀಡುತ್ತಾರೆ.
ವಿದ್ಯಾರ್ಥಿಗಳಿಗೆ ಸಚಿವ ಮಧು ಬಂಗಾರಪ್ಪ ಸಲಹೆ
ಅಂಕಗಳಿಗೆ ಸೀಮಿತವಾಗದಿರಿ

ಬೆಂಗಳೂರು: ವಿದ್ಯಾರ್ಥಿಗಳು ಕೇವಲ ಅಂಕಗಳಿಗಾಗಿ ಓದಬಾರದು. ವಿಷಯವನ್ನು ಆಳವಾಗಿ ಅರ್ಥಮಾಡಿಕೊಳ್ಳುವುದರ ಕಡೆಗೆ ಗಮನ ಹರಿಸಬೇಕು ಎಂದು ಶಾಲಾ ಶಿಕ್ಷಣ ಸಚಿವ ಮಧು ಬಂಗಾರಪ್ಪ ಸಲಹೆ ನೀಡಿದರು. ಸೋಮವಾರ ನಡೆದ ಸಮಾರಂಭದಲ್ಲಿ ಮಾತನಾಡಿದ ಅವರು, ಸರ್ಕಾರಿ ಶಾಲೆಗಳ ವಿದ್ಯಾರ್ಥಿಗಳು ಉತ್ತಮ ಸಾಧನೆ ಮಾಡುತ್ತಿದ್ದಾರೆ. ಸಮಗ್ರ ಶಿಕ್ಷಣ ಕರ್ನಾಟಕ ಹಾಗೂ ಇಲಾಖೆ ವತಿಯಿಂದ ಆಯೋಜಿಸಿದ್ದ ವಿಜ್ಞಾನ ಪ್ರದರ್ಶನದಲ್ಲಿ ವಿಜೇತ ಶಾಲೆಗಳಿಗೆ ಪ್ರಶಸ್ತಿ ವಿತರಿಸಿದರು.

ವಿದ್ಯಾರ್ಥಿಗಳು ಪುಸ್ತಕದ ಜ್ಞಾನದ ಜೊತೆಗೆ ಪ್ರಾಯೋಗಿಕ ಜ್ಞಾನವನ್ನೂ ಬೆಳೆಸಿಕೊಳ್ಳಬೇಕು. ಶಿಕ್ಷಕರು ಮಕ್ಕಳಲ್ಲಿ ಕುತೂಹಲ ಬೆಳೆಸಬೇಕು. ಸರ್ಕಾರಿ ಶಾಲೆಗಳಲ್ಲಿ ಗುಣಮಟ್ಟದ ಶಿಕ್ಷಣ ನೀಡಲು ಸರ್ಕಾರ ಬದ್ಧವಾಗಿದೆ ಎಂದು ಹೇಳಿದರು.

ಪ್ರಶಸ್ತಿ ವಿಜೇತ 10 ಶಾಲೆ
ಜಿ.ಎಚ್.ಪಿ.ಎಸ್. ವಿಜಯಪುರ, ಜಿ.ಎಚ್.ಎಸ್.ಎಸ್. ದಾವಣಗೆರೆ, ಜಿ.ಎಚ್.ಎಸ್. ಮಂಡ್ಯ, ಜಿ.ಪಿ.ಯು.ಸಿ. ಹಾಸನ, ಜಿ.ಎಚ್.ಪಿ.ಎಸ್. ಬೆಳಗಾವಿ, ಜಿ.ಎಚ್.ಎಸ್. ತುಮಕೂರು, ಜಿ.ಎಚ್.ಎಸ್.ಎಸ್. ಉಡುಪಿ, ಜಿ.ಪಿ.ಯು.ಸಿ. ಚಿತ್ರದುರ್ಗ, ಜಿ.ಎಚ್.ಪಿ.ಎಸ್. ಕಲಬುರಗಿ, ಜಿ.ಎಚ್.ಎಸ್. ಮೈಸೂರು
